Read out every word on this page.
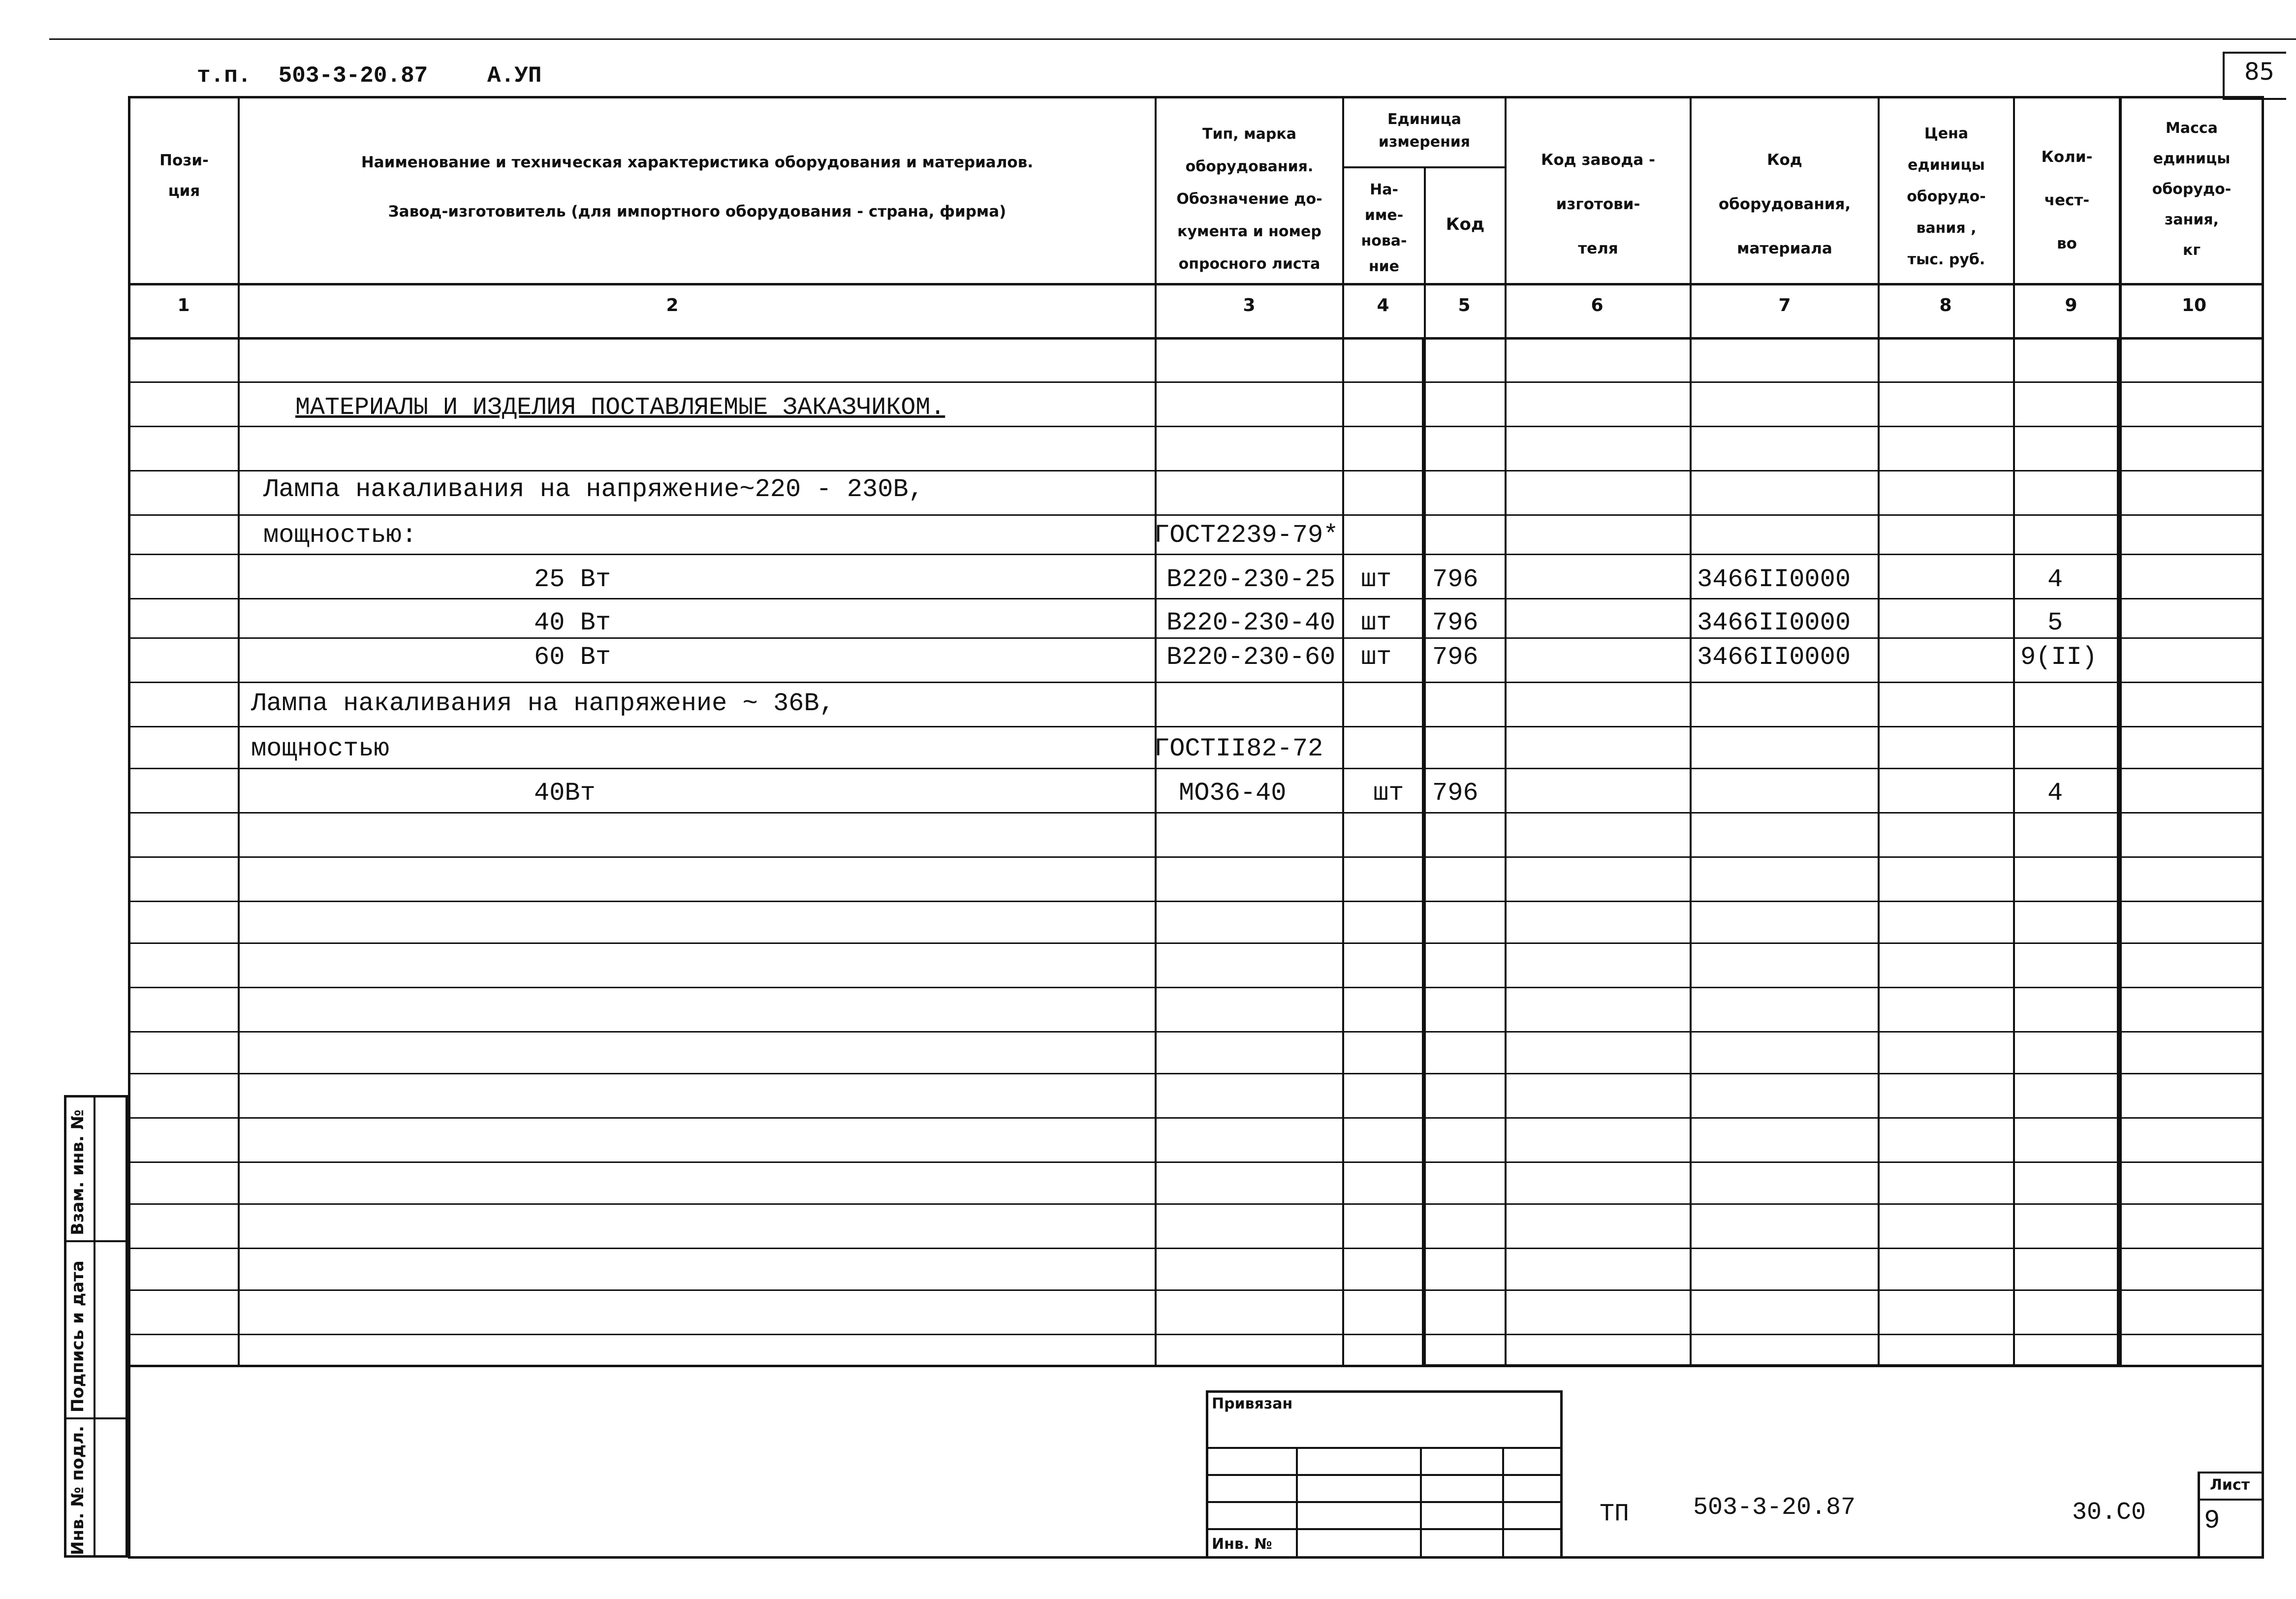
т.п.  503-3-20.87	А.УП	85
Пози-
ция
Наименование и техническая характеристика оборудования и материалов.
Завод-изготовитель (для импортного оборудования - страна, фирма)
Тип, марка
оборудования.
Обозначение до-
кумента и номер
опросного листа
Единица
измерения
На-
име-
нова-
ние
Код
Код завода -
изготови-
теля
Код
оборудования,
материала
Цена
единицы
оборудо-
вания ,
тыс. руб.
Коли-
чест-
во
Масса
единицы
оборудо-
зания,
кг
1	2	3	4	5	6	7	8	9	10
МАТЕРИАЛЫ И ИЗДЕЛИЯ ПОСТАВЛЯЕМЫЕ ЗАКАЗЧИКОМ.
Лампа накаливания на напряжение~220 - 230В,
мощностью:	ГОСТ2239-79*
25 Вт	В220-230-25 шт 796	3466II0000	4
40 Вт	В220-230-40 шт 796	3466II0000	5
60 Вт	В220-230-60 шт 796	3466II0000	9(II)
Лампа накаливания на напряжение ~ 36В,
мощностью	ГОСТII82-72
40Вт	МО36-40	шт 796	4
Инв. № подл.
Подпись и дата
Взам. инв. №
Привязан
Инв. №
ТП	503-3-20.87	30.С0
Лист
9
